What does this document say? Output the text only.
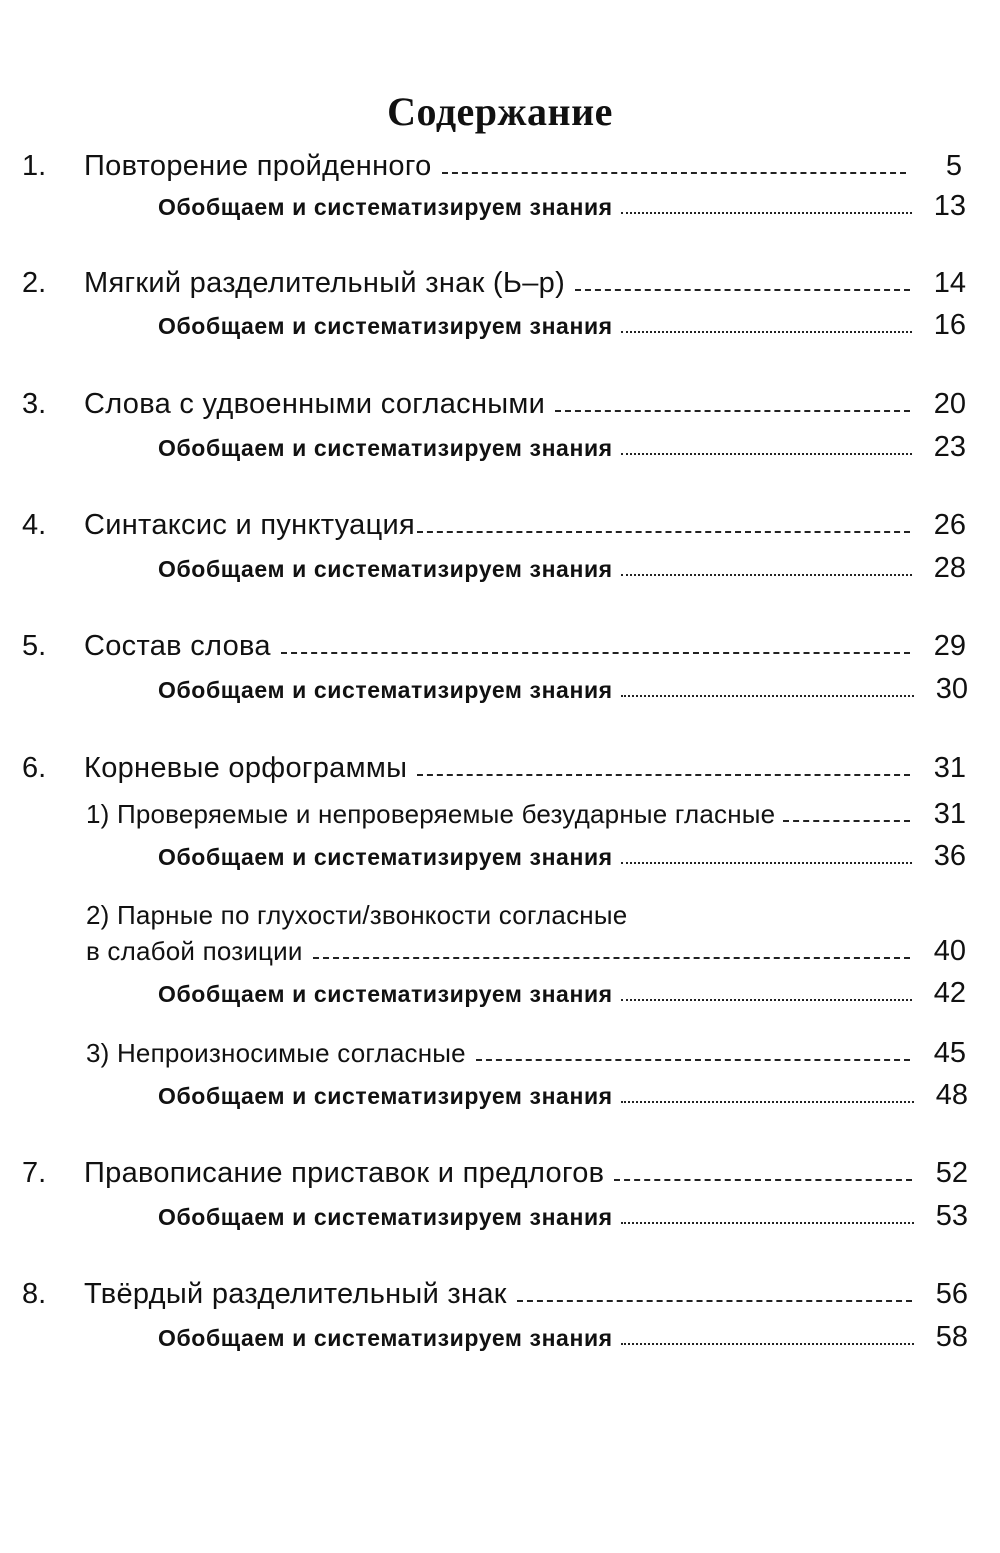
Содержание
1. Повторение пройденного	5
Обобщаем и систематизируем знания	13
2. Мягкий разделительный знак (Ь–р)	14
Обобщаем и систематизируем знания	16
3. Слова с удвоенными согласными	20
Обобщаем и систематизируем знания	23
4. Синтаксис и пунктуация	26
Обобщаем и систематизируем знания	28
5. Состав слова	29
Обобщаем и систематизируем знания	30
6. Корневые орфограммы	31
1) Проверяемые и непроверяемые безударные гласные	31
Обобщаем и систематизируем знания	36
2) Парные по глухости/звонкости согласные
в слабой позиции	40
Обобщаем и систематизируем знания	42
3) Непроизносимые согласные	45
Обобщаем и систематизируем знания	48
7. Правописание приставок и предлогов	52
Обобщаем и систематизируем знания	53
8. Твёрдый разделительный знак	56
Обобщаем и систематизируем знания	58
